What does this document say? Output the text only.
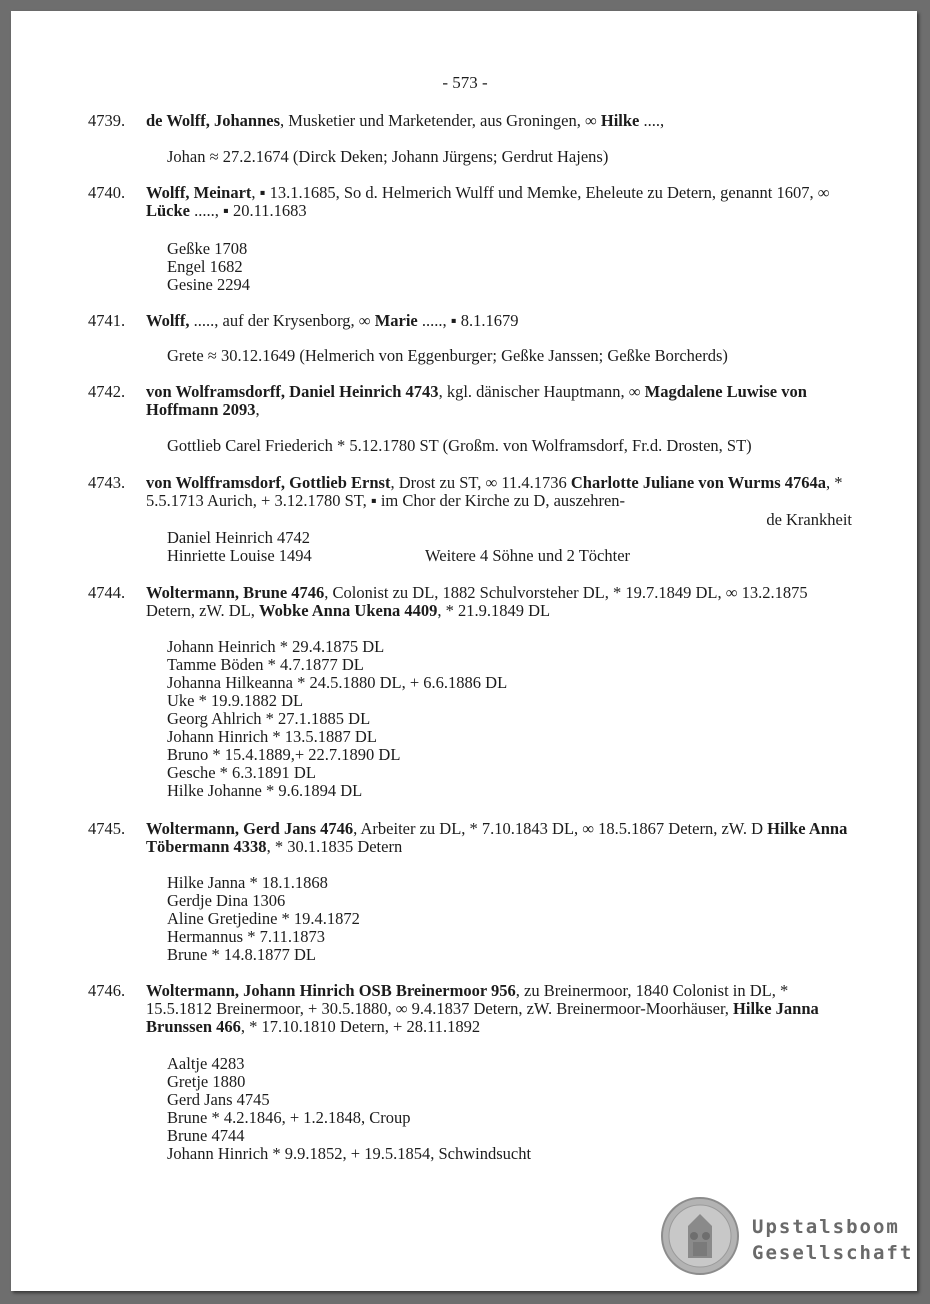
- 573 -
4739. de Wolff, Johannes, Musketier und Marketender, aus Groningen, ∞ Hilke ....,
Johan ≈ 27.2.1674 (Dirck Deken; Johann Jürgens; Gerdrut Hajens)
4740. Wolff, Meinart, ▪ 13.1.1685, So d. Helmerich Wulff und Memke, Eheleute zu Detern, genannt 1607, ∞ Lücke ....., ▪ 20.11.1683
Geßke 1708
Engel 1682
Gesine 2294
4741. Wolff, ....., auf der Krysenborg, ∞ Marie ....., ▪ 8.1.1679
Grete ≈ 30.12.1649 (Helmerich von Eggenburger; Geßke Janssen; Geßke Borcherds)
4742. von Wolframsdorff, Daniel Heinrich 4743, kgl. dänischer Hauptmann, ∞ Magdalene Luwise von Hoffmann 2093,
Gottlieb Carel Friederich * 5.12.1780 ST (Großm. von Wolframsdorf, Fr.d. Drosten, ST)
4743. von Wolfframsdorf, Gottlieb Ernst, Drost zu ST, ∞ 11.4.1736 Charlotte Juliane von Wurms 4764a, * 5.5.1713 Aurich, + 3.12.1780 ST, ▪ im Chor der Kirche zu D, auszehren-
de Krankheit
Daniel Heinrich 4742
Hinriette Louise 1494	Weitere 4 Söhne und 2 Töchter
4744. Woltermann, Brune 4746, Colonist zu DL, 1882 Schulvorsteher DL, * 19.7.1849 DL, ∞ 13.2.1875 Detern, zW. DL, Wobke Anna Ukena 4409, * 21.9.1849 DL
Johann Heinrich * 29.4.1875 DL
Tamme Böden * 4.7.1877 DL
Johanna Hilkeanna * 24.5.1880 DL, + 6.6.1886 DL
Uke * 19.9.1882 DL
Georg Ahlrich * 27.1.1885 DL
Johann Hinrich * 13.5.1887 DL
Bruno * 15.4.1889,+ 22.7.1890 DL
Gesche * 6.3.1891 DL
Hilke Johanne * 9.6.1894 DL
4745. Woltermann, Gerd Jans 4746, Arbeiter zu DL, * 7.10.1843 DL, ∞ 18.5.1867 Detern, zW. D Hilke Anna Töbermann 4338, * 30.1.1835 Detern
Hilke Janna * 18.1.1868
Gerdje Dina 1306
Aline Gretjedine * 19.4.1872
Hermannus * 7.11.1873
Brune * 14.8.1877 DL
4746. Woltermann, Johann Hinrich OSB Breinermoor 956, zu Breinermoor, 1840 Colonist in DL, * 15.5.1812 Breinermoor, + 30.5.1880, ∞ 9.4.1837 Detern, zW. Breinermoor-Moorhäuser, Hilke Janna Brunssen 466, * 17.10.1810 Detern, + 28.11.1892
Aaltje 4283
Gretje 1880
Gerd Jans 4745
Brune * 4.2.1846, + 1.2.1848, Croup
Brune 4744
Johann Hinrich * 9.9.1852, + 19.5.1854, Schwindsucht
Upstalsboom
Gesellschaft
